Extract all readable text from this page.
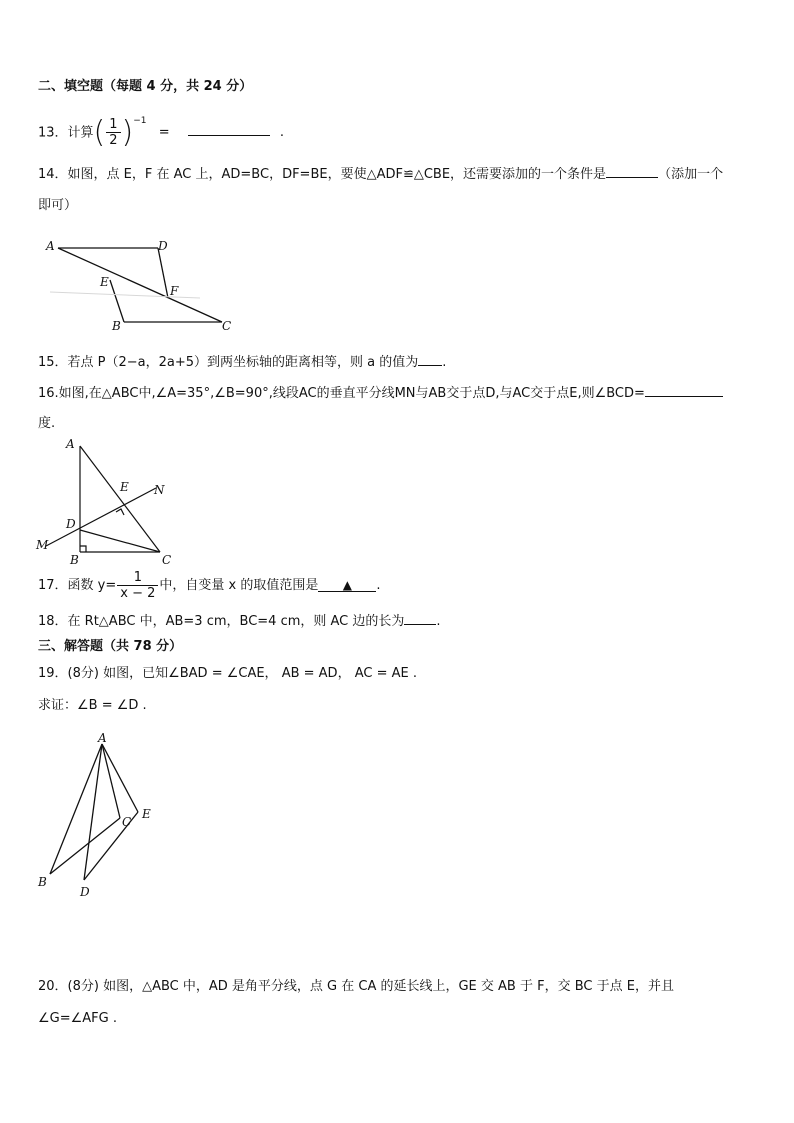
二、填空题（每题 4 分，共 24 分）
13．计算( $\frac{1}{2} )^{-1}$ =	.
14．如图，点 E，F 在 AC 上，AD=BC，DF=BE，要使△ADF≌△CBE，还需要添加的一个条件是	（添加一个
即可）
A	D
E
F
B	C
15．若点 P（2−a，2a+5）到两坐标轴的距离相等，则 a 的值为 .
16.如图,在△ABC中,∠A=35°,∠B=90°,线段AC的垂直平分线MN与AB交于点D,与AC交于点E,则∠BCD=
度.
A
E N
D
M
B	C
17．函数 $y= \frac{1}{x - 2}$ 中，自变量 x 的取值范围是 ▲ .
18．在 Rt△ABC 中，AB=3 cm，BC=4 cm，则 AC 边的长为 .
三、解答题（共 78 分）
19．(8分) 如图，已知∠BAD = ∠CAE， AB = AD， AC = AE .
求证：∠B = ∠D .
A
C
E
B
D
20．(8分) 如图，△ABC 中，AD 是角平分线，点 G 在 CA 的延长线上，GE 交 AB 于 F，交 BC 于点 E，并且
∠G=∠AFG .
